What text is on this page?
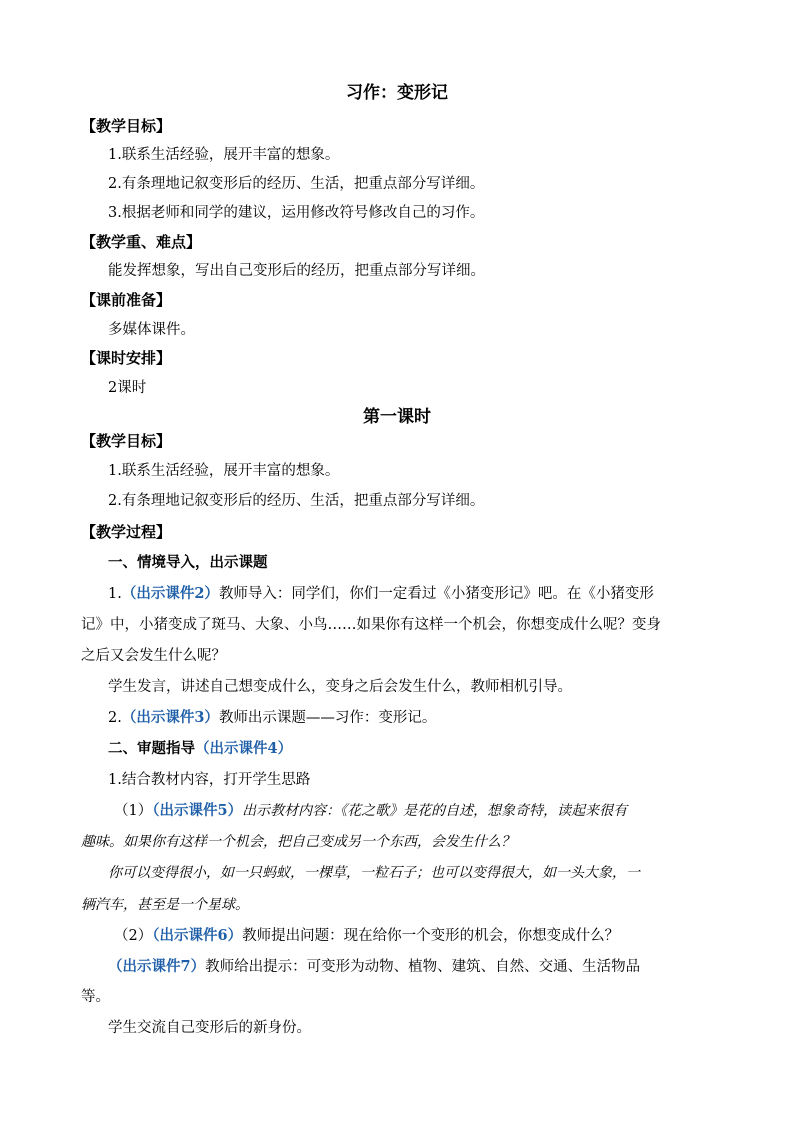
习作：变形记
【教学目标】
1.联系生活经验，展开丰富的想象。
2.有条理地记叙变形后的经历、生活，把重点部分写详细。
3.根据老师和同学的建议，运用修改符号修改自己的习作。
【教学重、难点】
能发挥想象，写出自己变形后的经历，把重点部分写详细。
【课前准备】
多媒体课件。
【课时安排】
2课时
第一课时
【教学目标】
1.联系生活经验，展开丰富的想象。
2.有条理地记叙变形后的经历、生活，把重点部分写详细。
【教学过程】
一、情境导入，出示课题
1.（出示课件2）教师导入：同学们，你们一定看过《小猪变形记》吧。在《小猪变形
记》中，小猪变成了斑马、大象、小鸟……如果你有这样一个机会，你想变成什么呢？变身
之后又会发生什么呢？
学生发言，讲述自己想变成什么，变身之后会发生什么，教师相机引导。
2.（出示课件3）教师出示课题——习作：变形记。
二、审题指导（出示课件4）
1.结合教材内容，打开学生思路
（1）（出示课件5）出示教材内容：《花之歌》是花的自述，想象奇特，读起来很有
趣味。如果你有这样一个机会，把自己变成另一个东西，会发生什么？
你可以变得很小，如一只蚂蚁，一棵草，一粒石子；也可以变得很大，如一头大象，一
辆汽车，甚至是一个星球。
（2）（出示课件6）教师提出问题：现在给你一个变形的机会，你想变成什么？
（出示课件7）教师给出提示：可变形为动物、植物、建筑、自然、交通、生活物品
等。
学生交流自己变形后的新身份。
